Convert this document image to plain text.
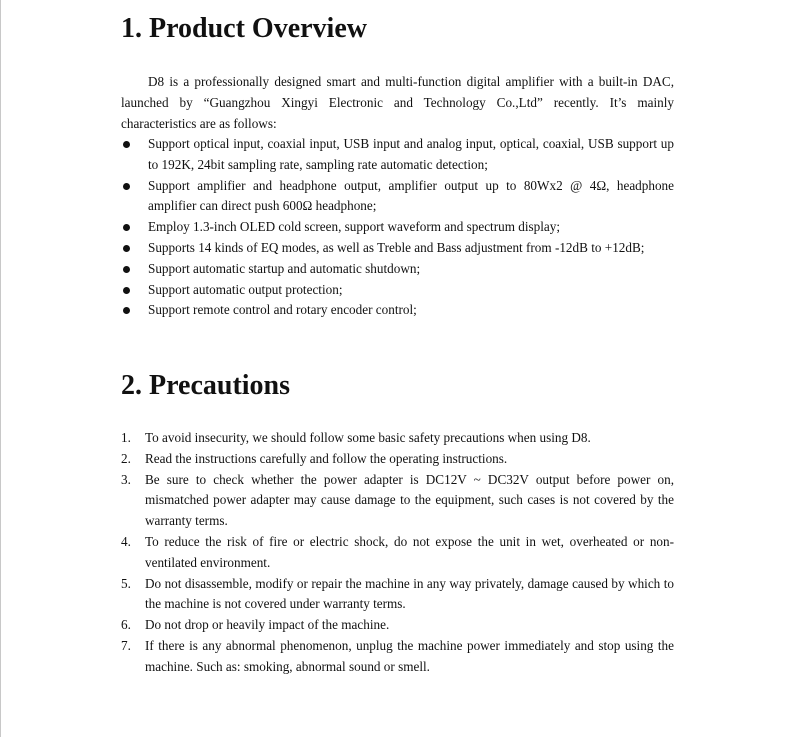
1. Product Overview

D8 is a professionally designed smart and multi-function digital amplifier with a built-in DAC, launched by “Guangzhou Xingyi Electronic and Technology Co.,Ltd” recently. It’s mainly characteristics are as follows:

Support optical input, coaxial input, USB input and analog input, optical, coaxial, USB support up to 192K, 24bit sampling rate, sampling rate automatic detection;
Support amplifier and headphone output, amplifier output up to 80Wx2 @ 4Ω, headphone amplifier can direct push 600Ω headphone;
Employ 1.3-inch OLED cold screen, support waveform and spectrum display;
Supports 14 kinds of EQ modes, as well as Treble and Bass adjustment from -12dB to +12dB;
Support automatic startup and automatic shutdown;
Support automatic output protection;
Support remote control and rotary encoder control;
2. Precautions
1. To avoid insecurity, we should follow some basic safety precautions when using D8.
2. Read the instructions carefully and follow the operating instructions.
3. Be sure to check whether the power adapter is DC12V ~ DC32V output before power on, mismatched power adapter may cause damage to the equipment, such cases is not covered by the warranty terms.
4. To reduce the risk of fire or electric shock, do not expose the unit in wet, overheated or non-ventilated environment.
5. Do not disassemble, modify or repair the machine in any way privately, damage caused by which to the machine is not covered under warranty terms.
6. Do not drop or heavily impact of the machine.
7. If there is any abnormal phenomenon, unplug the machine power immediately and stop using the machine. Such as: smoking, abnormal sound or smell.
